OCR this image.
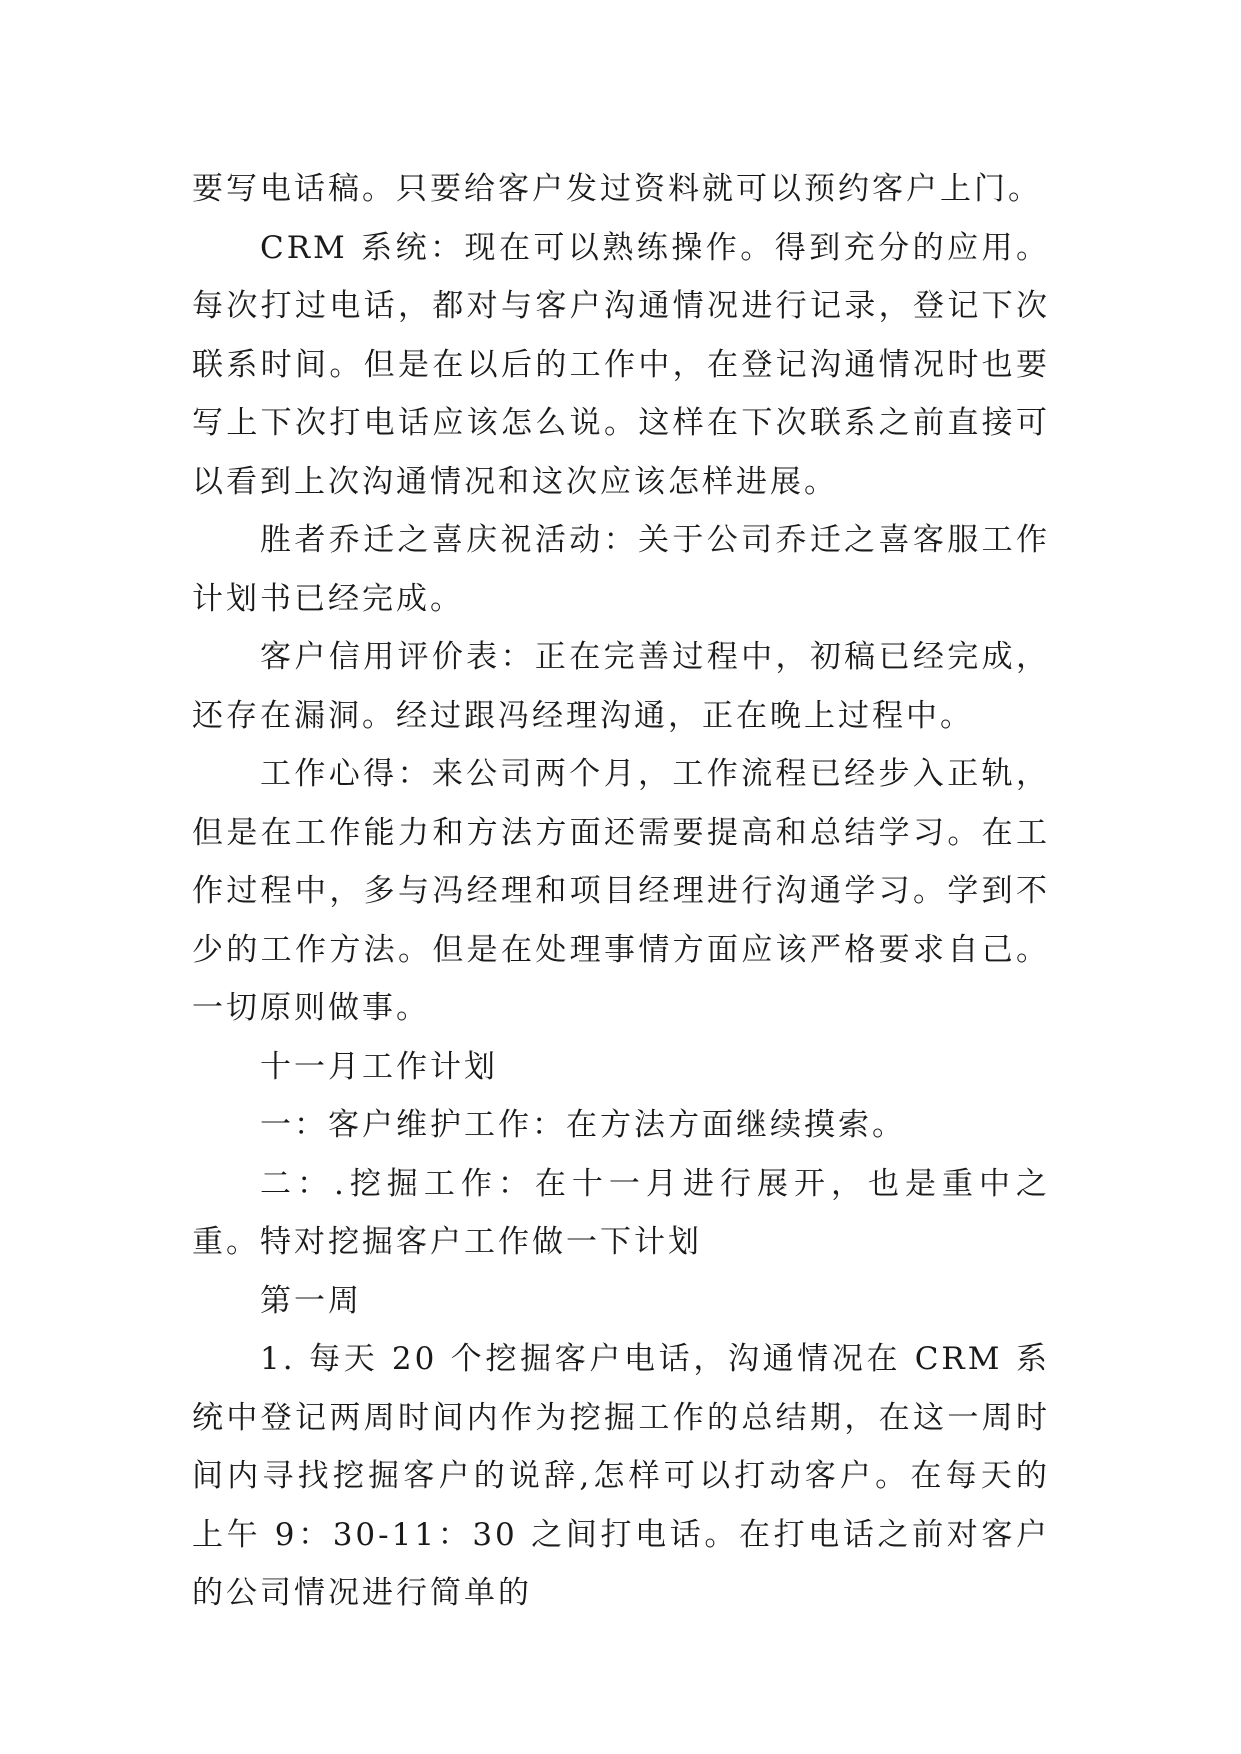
要写电话稿。只要给客户发过资料就可以预约客户上门。

CRM 系统：现在可以熟练操作。得到充分的应用。每次打过电话，都对与客户沟通情况进行记录，登记下次联系时间。但是在以后的工作中，在登记沟通情况时也要写上下次打电话应该怎么说。这样在下次联系之前直接可以看到上次沟通情况和这次应该怎样进展。

胜者乔迁之喜庆祝活动：关于公司乔迁之喜客服工作计划书已经完成。

客户信用评价表：正在完善过程中，初稿已经完成，还存在漏洞。经过跟冯经理沟通，正在晚上过程中。

工作心得：来公司两个月，工作流程已经步入正轨，但是在工作能力和方法方面还需要提高和总结学习。在工作过程中，多与冯经理和项目经理进行沟通学习。学到不少的工作方法。但是在处理事情方面应该严格要求自己。一切原则做事。

十一月工作计划

一：客户维护工作：在方法方面继续摸索。

二：.挖掘工作：在十一月进行展开，也是重中之重。特对挖掘客户工作做一下计划

第一周

1. 每天 20 个挖掘客户电话，沟通情况在 CRM 系统中登记两周时间内作为挖掘工作的总结期，在这一周时间内寻找挖掘客户的说辞,怎样可以打动客户。在每天的上午 9：30-11：30 之间打电话。在打电话之前对客户的公司情况进行简单的
